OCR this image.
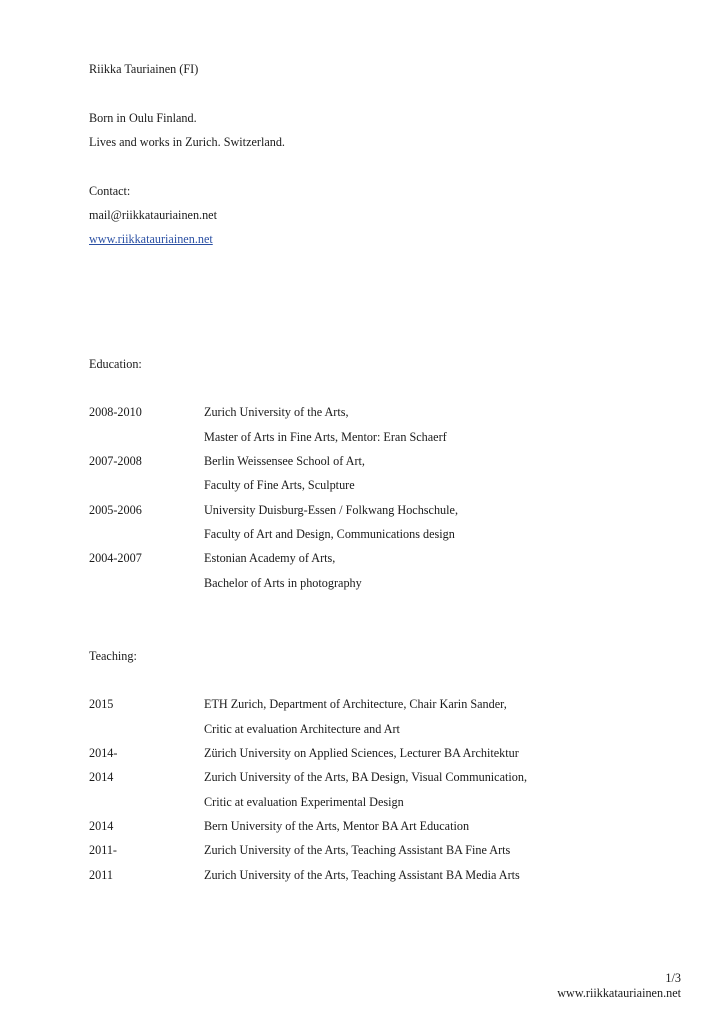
Riikka Tauriainen (FI)
Born in Oulu Finland.
Lives and works in Zurich. Switzerland.
Contact:
mail@riikkatauriainen.net
www.riikkatauriainen.net
Education:
2008-2010	Zurich University of the Arts,
Master of Arts in Fine Arts, Mentor: Eran Schaerf
2007-2008	Berlin Weissensee School of Art,
Faculty of Fine Arts, Sculpture
2005-2006	University Duisburg-Essen / Folkwang Hochschule,
Faculty of Art and Design, Communications design
2004-2007	Estonian Academy of Arts,
Bachelor of Arts in photography
Teaching:
2015	ETH Zurich, Department of Architecture, Chair Karin Sander,
Critic at evaluation Architecture and Art
2014-	Zürich University on Applied Sciences, Lecturer BA Architektur
2014	Zurich University of the Arts, BA Design, Visual Communication,
Critic at evaluation Experimental Design
2014	Bern University of the Arts, Mentor BA Art Education
2011-	Zurich University of the Arts, Teaching Assistant BA Fine Arts
2011	Zurich University of the Arts, Teaching Assistant BA Media Arts
1/3
www.riikkatauriainen.net
